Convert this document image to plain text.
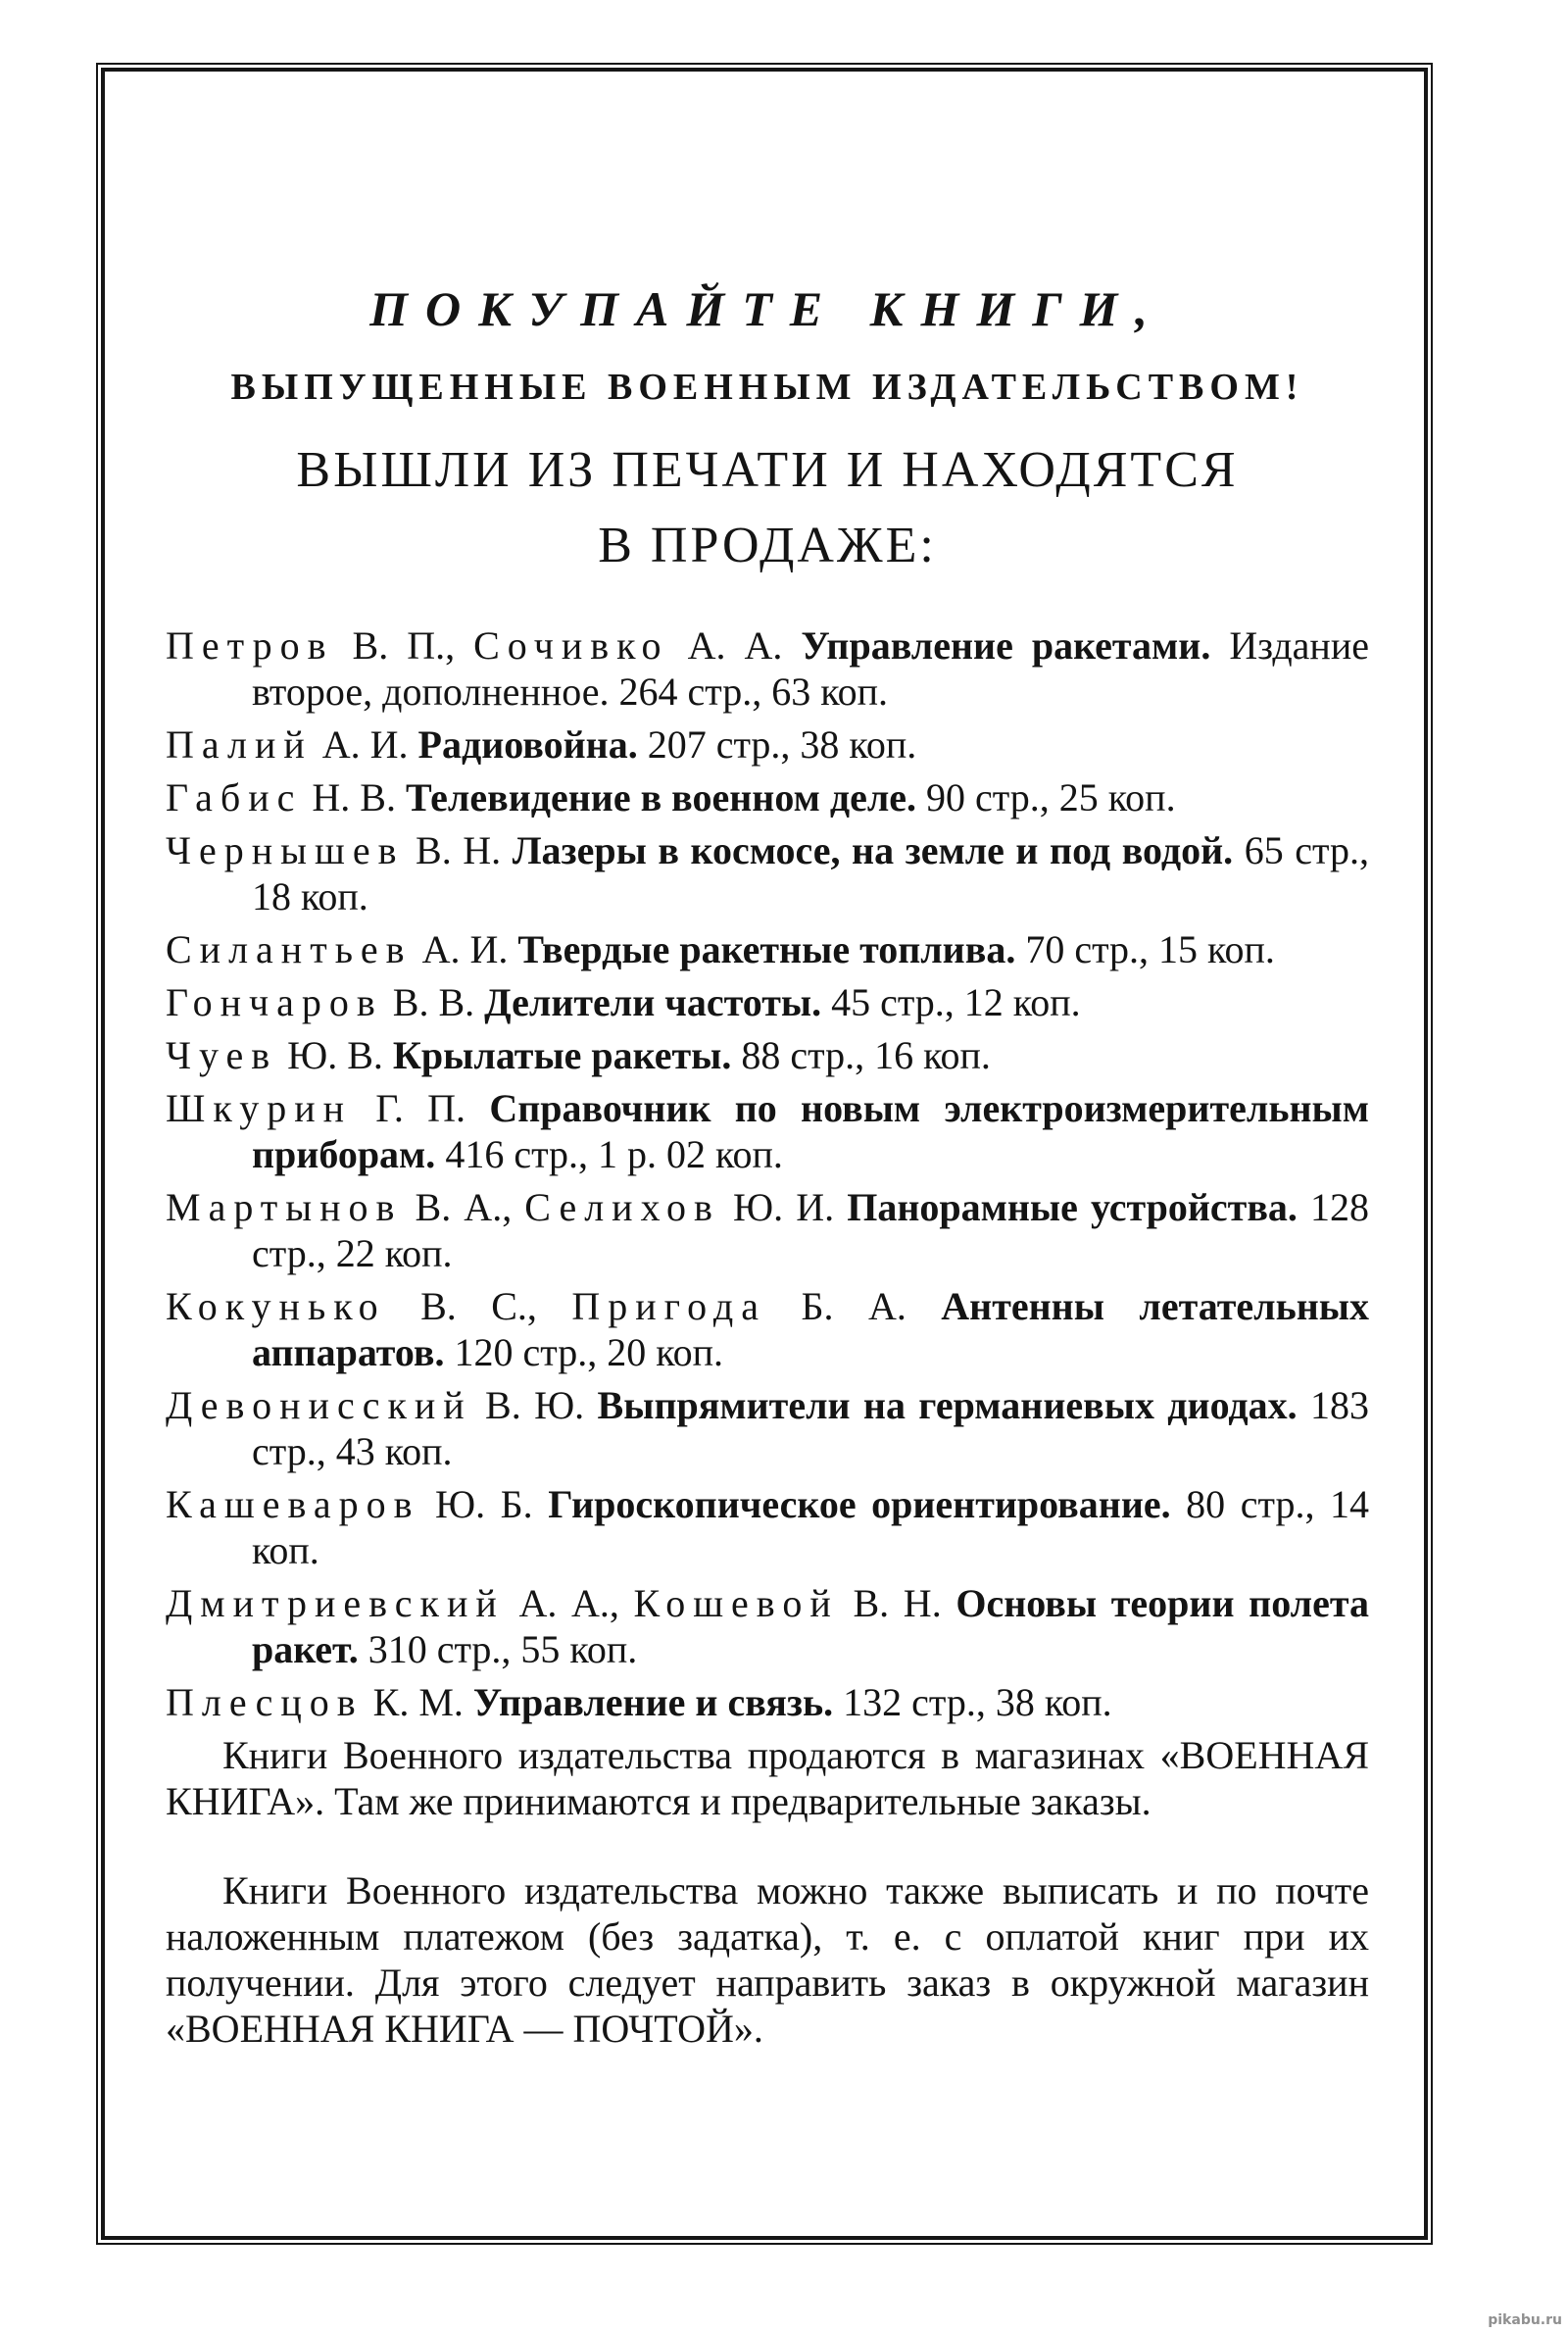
ПОКУПАЙТЕ КНИГИ,
ВЫПУЩЕННЫЕ ВОЕННЫМ ИЗДАТЕЛЬСТВОМ!
ВЫШЛИ ИЗ ПЕЧАТИ И НАХОДЯТСЯ
В ПРОДАЖЕ:

Петров В. П., Сочивко А. А. Управление ракетами. Издание второе, дополненное. 264 стр., 63 коп.

Палий А. И. Радиовойна. 207 стр., 38 коп.

Габис Н. В. Телевидение в военном деле. 90 стр., 25 коп.

Чернышев В. Н. Лазеры в космосе, на земле и под водой. 65 стр., 18 коп.

Силантьев А. И. Твердые ракетные топлива. 70 стр., 15 коп.

Гончаров В. В. Делители частоты. 45 стр., 12 коп.

Чуев Ю. В. Крылатые ракеты. 88 стр., 16 коп.

Шкурин Г. П. Справочник по новым электроизмерительным приборам. 416 стр., 1 р. 02 коп.

Мартынов В. А., Селихов Ю. И. Панорамные устройства. 128 стр., 22 коп.

Кокунько В. С., Пригода Б. А. Антенны летательных аппаратов. 120 стр., 20 коп.

Девонисский В. Ю. Выпрямители на германиевых диодах. 183 стр., 43 коп.

Кашеваров Ю. Б. Гироскопическое ориентирование. 80 стр., 14 коп.

Дмитриевский А. А., Кошевой В. Н. Основы теории полета ракет. 310 стр., 55 коп.

Плесцов К. М. Управление и связь. 132 стр., 38 коп.

Книги Военного издательства продаются в магазинах «ВОЕННАЯ КНИГА». Там же принимаются и предварительные заказы.

Книги Военного издательства можно также выписать и по почте наложенным платежом (без задатка), т. е. с оплатой книг при их получении. Для этого следует направить заказ в окружной магазин «ВОЕННАЯ КНИГА — ПОЧТОЙ».

pikabu.ru
